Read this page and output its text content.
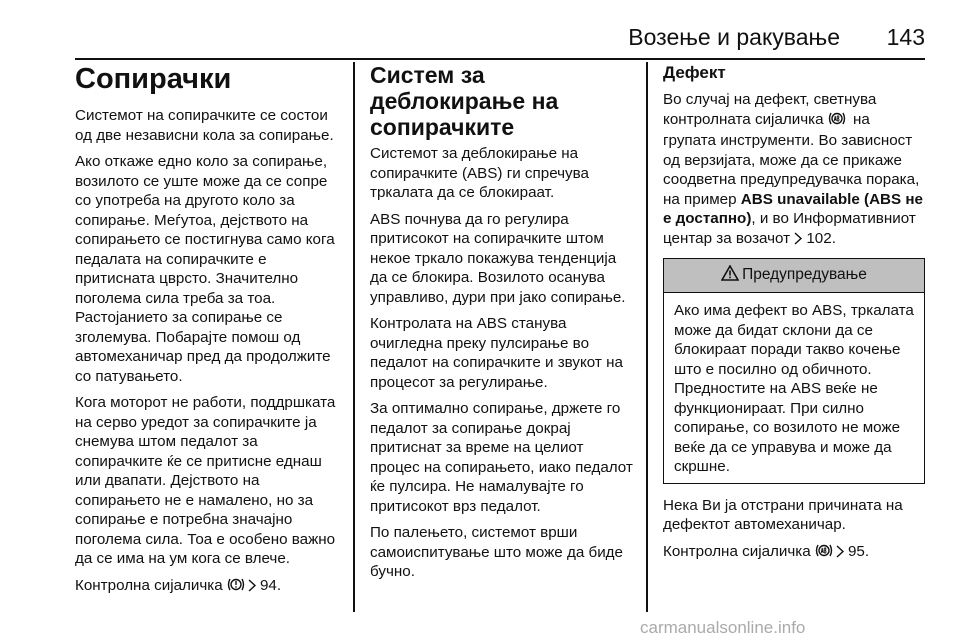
Возење и ракување 143
Сопирачки

Системот на сопирачките се состои од две независни кола за сопирање.

Ако откаже едно коло за сопирање, возилото се уште може да се сопре со употреба на другото коло за сопирање. Меѓутоа, дејството на сопирањето се постигнува само кога педалата на сопирачките е притисната цврсто. Значително поголема сила треба за тоа. Растојанието за сопирање се зголемува. Побарајте помош од автомеханичар пред да продолжите со патувањето.

Кога моторот не работи, поддршката на серво уредот за сопирачките ја снемува штом педалот за сопирачките ќе се притисне еднаш или двапати. Дејството на сопирањето не е намалено, но за сопирање е потребна значајно поголема сила. Тоа е особено важно да се има на ум кога се влече.

Контролна сијаличка 94.

Систем за деблокирање на сопирачките

Системот за деблокирање на сопирачките (ABS) ги спречува тркалата да се блокираат.

ABS почнува да го регулира притисокот на сопирачките штом некое тркало покажува тенденција да се блокира. Возилото осанува управливо, дури при јако сопирање.

Контролата на ABS станува очигледна преку пулсирање во педалот на сопирачките и звукот на процесот за регулирање.

За оптимално сопирање, држете го педалот за сопирање докрај притиснат за време на целиот процес на сопирањето, иако педалот ќе пулсира. Не намалувајте го притисокот врз педалот.

По палењето, системот врши самоиспитување што може да биде бучно.

Дефект

Во случај на дефект, светнува контролната сијаличка на групата инструменти. Во зависност од верзијата, може да се прикаже соодветна предупредувачка порака, на пример ABS unavailable (ABS не е достапно), и во Информативниот центар за возачот 102.

Предупредување

Ако има дефект во ABS, тркалата може да бидат склони да се блокираат поради такво кочење што е посилно од обичното. Предностите на ABS веќе не функционираат. При силно сопирање, со возилото не може веќе да се управува и може да скршне.

Нека Ви ја отстрани причината на дефектот автомеханичар.

Контролна сијаличка 95.

carmanualsonline.info
